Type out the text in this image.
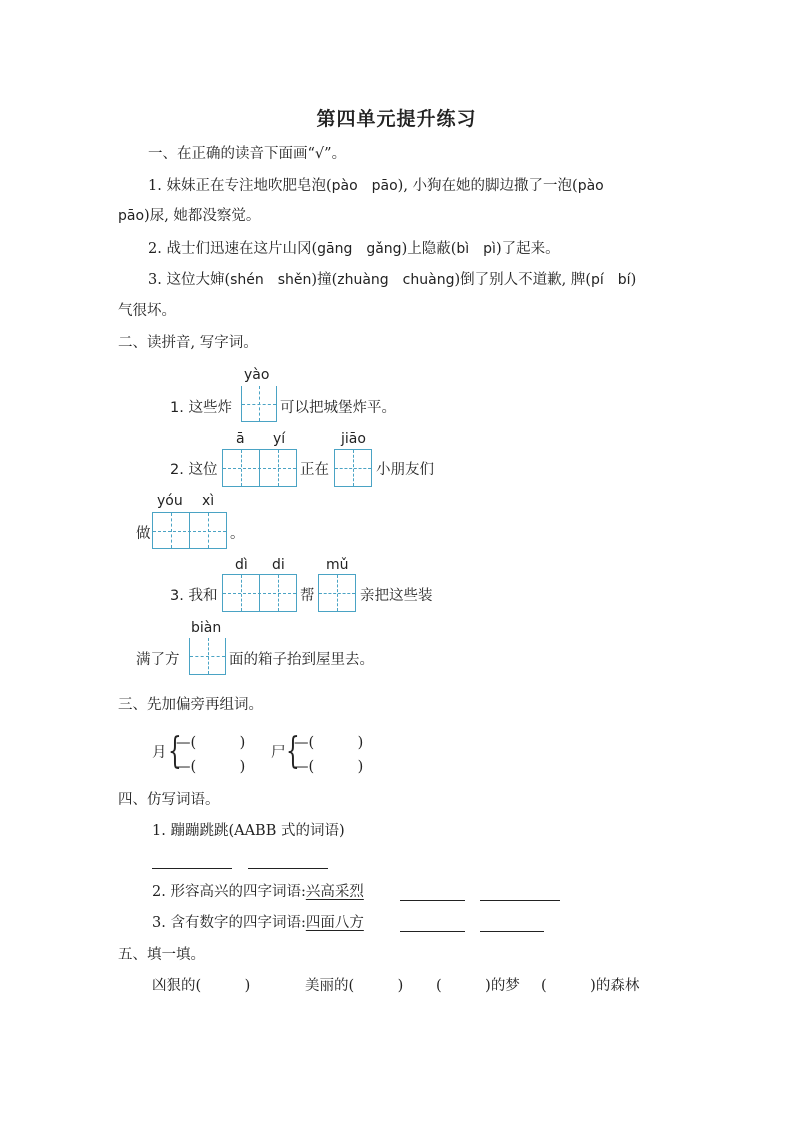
第四单元提升练习
一、在正确的读音下面画“√”。
1. 妹妹正在专注地吹肥皂泡(pào　pāo), 小狗在她的脚边撒了一泡(pào
pāo)尿, 她都没察觉。
2. 战士们迅速在这片山冈(gāng　gǎng)上隐蔽(bì　pì)了起来。
3. 这位大婶(shén　shěn)撞(zhuàng　chuàng)倒了别人不道歉, 脾(pí　bí)
气很坏。
二、读拼音, 写字词。
1. 这些炸
yào
可以把城堡炸平。
2. 这位
ā yí
正在
jiāo
小朋友们
做
yóu xì
。
3. 我和
dì di
帮
mǔ
亲把这些装
满了方
biàn
面的箱子抬到屋里去。
三、先加偏旁再组词。
月 {
—(　　　)
—(　　　)
尸 {
—(　　　)
—(　　　)
四、仿写词语。
1. 蹦蹦跳跳(AABB 式的词语)
2. 形容高兴的四字词语:兴高采烈
3. 含有数字的四字词语:四面八方
五、填一填。
凶狠的(　　　)	美丽的(　　　) (　　　)的梦 (　　　)的森林
